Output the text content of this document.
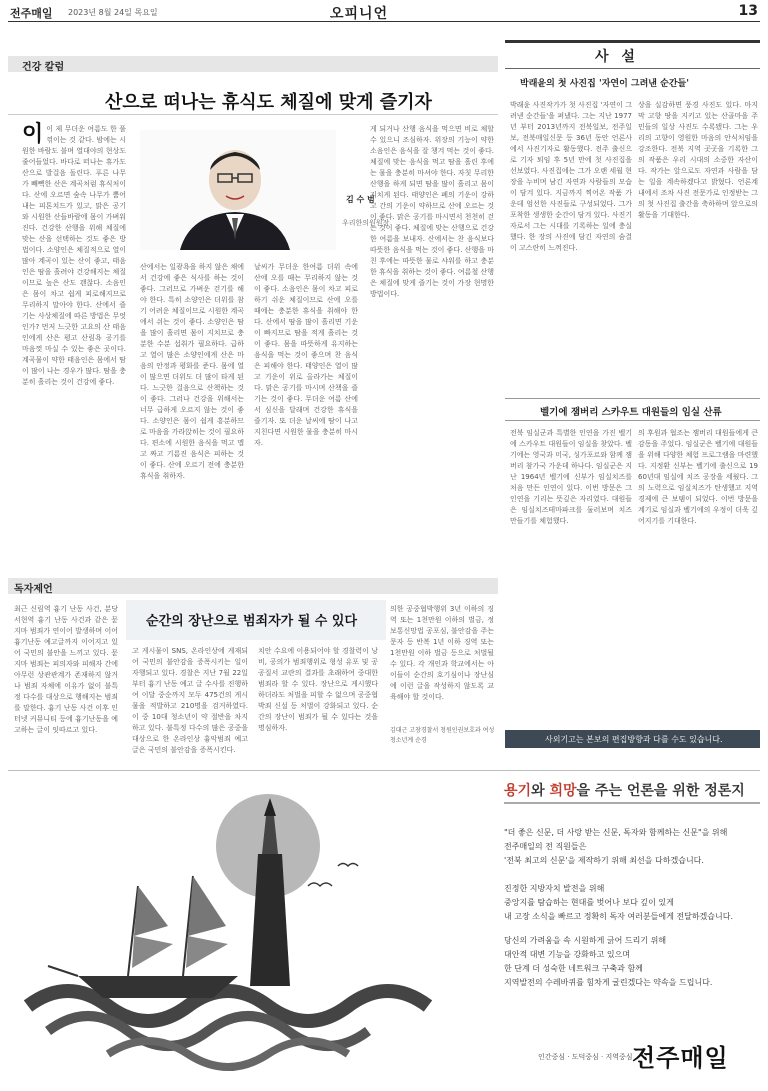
전주매일 2023년 8월 24일 목요일	오피니언	13
건강 칼럼
산으로 떠나는 휴식도 체질에 맞게 즐기자
이이 제 무더운 여름도 한 풀 꺾이는 것 같다. 밤에는 시원한 바람도 불며 열대야의 현상도 줄어들었다. 바다로 떠나는 휴가도 산으로 발걸음 돌린다. 푸른 나무가 빼빽한 산은 계곡처럼 휴식처이다. 산에 오르면 숲속 나무가 뿜어내는 피톤치드가 있고, 맑은 공기와 시원한 산들바람에 몸이 가벼워진다. 건강한 산행을 위해 체질에 맞는 산을 선택하는 것도 좋은 방법이다. 소양인은 체질적으로 열이 많아 계곡이 있는 산이 좋고, 태음인은 땀을 흘려야 건강해지는 체질이므로 높은 산도 괜찮다. 소음인은 몸이 차고 쉽게 피로해지므로 무리하지 말아야 한다. 산에서 즐기는 사상체질에 따른 방법은 무엇인가? 먼저 느긋한 고요의 산 태음인에게 산은 평고 산림욕 공기를 마음껏 마실 수 있는 좋은 곳이다. 계곡물이 약한 태음인은 몸에서 땀이 많이 나는 경우가 많다. 땀을 충분히 흘리는 것이 건강에 좋다.
김 수 범
우리한의원원장
산에서는 일광욕을 하지 않은 채에서 건강에 좋은 식사를 하는 것이 좋다. 그러므로 가벼운 걷기를 해야 한다. 특히 소양인은 더위를 참기 어려운 체질이므로 시원한 계곡에서 쉬는 것이 좋다. 소양인은 땀을 많이 흘리면 몸이 지치므로 충분한 수분 섭취가 필요하다. 급하고 열이 많은 소양인에게 산은 마음의 안정과 평화를 준다. 몸에 열이 많으면 더위도 더 많이 타게 된다. 느긋한 걸음으로 산책하는 것이 좋다. 그러나 건강을 위해서는 너무 급하게 오르지 않는 것이 좋다. 소양인은 몸이 쉽게 흥분하므로 마음을 가라앉히는 것이 필요하다. 편소에 시원한 음식을 먹고 맵고 짜고 기름진 음식은 피하는 것이 좋다. 산에 오르기 전에 충분한 휴식을 취하자.
날씨가 무더운 한여름 더위 속에 산에 오를 때는 무리하지 않는 것이 좋다. 소음인은 몸이 차고 피로하기 쉬운 체질이므로 산에 오를 때에는 충분한 휴식을 취해야 한다. 산에서 땀을 많이 흘리면 기운이 빠지므로 땀을 적게 흘리는 것이 좋다. 몸을 따뜻하게 유지하는 음식을 먹는 것이 좋으며 찬 음식은 피해야 한다. 태양인은 열이 많고 기운이 위로 올라가는 체질이다. 맑은 공기를 마시며 산책을 즐기는 것이 좋다. 무더운 여름 산에서 심신을 달래며 건강한 휴식을 즐기자. 또 더운 날씨에 땀이 나고 지친다면 시원한 물을 충분히 마시자.
게 되거나 산행 음식을 먹으면 비로 체할 수 있으니 조심하자. 위장의 기능이 약한 소음인은 음식을 잘 챙겨 먹는 것이 좋다. 체질에 맞는 음식을 먹고 땀을 흘린 후에는 물을 충분히 마셔야 한다. 자칫 무리한 산행을 하게 되면 땀을 많이 흘리고 몸이 지치게 된다. 태양인은 폐의 기운이 강하고 간의 기운이 약하므로 산에 오르는 것이 좋다. 맑은 공기를 마시면서 천천히 걷는 것이 좋다. 체질에 맞는 산행으로 건강한 여름을 보내자. 산에서는 찬 음식보다 따뜻한 음식을 먹는 것이 좋다. 산행을 마친 후에는 따뜻한 물로 샤워를 하고 충분한 휴식을 취하는 것이 좋다. 여름철 산행은 체질에 맞게 즐기는 것이 가장 현명한 방법이다.
독자제언
최근 신림역 흉기 난동 사건, 분당 서현역 흉기 난동 사건과 같은 묻지마 범죄가 연이어 발생하며 이어 흉기난동 예고글까지 이어지고 있어 국민의 불안을 느끼고 있다. 묻지마 범죄는 피의자와 피해자 간에 아무런 상관관계가 존재하지 않거나 범죄 자체에 이유가 없이 불특정 다수를 대상으로 행해지는 범죄를 말한다. 흉기 난동 사건 이후 인터넷 커뮤니티 등에 흉기난동을 예고하는 글이 잇따르고 있다.
순간의 장난으로 범죄자가 될 수 있다
고 게시물이 SNS, 온라인상에 게재되어 국민의 불안감을 증폭시키는 일이 자행되고 있다. 경찰은 지난 7월 22일부터 흉기 난동 예고 글 수사를 진행하여 이달 중순까지 모두 475건의 게시물을 적발하고 210명을 검거하였다. 이 중 10대 청소년이 약 절반을 차지하고 있다. 불특정 다수의 많은 공중을 대상으로 한 온라인상 흉악범죄 예고글은 국민의 불안감을 증폭시킨다.
치안 수요에 이용되어야 할 경찰력이 낭비, 공의가 범죄행위로 형성 유포 및 공공질서 교란의 결과를 초래하여 중대한 범죄라 할 수 있다. 장난으로 게시했다 하더라도 처벌을 피할 수 없으며 공중협박죄 신설 등 처벌이 강화되고 있다. 순간의 장난이 범죄가 될 수 있다는 것을 명심하자.
의한 공중협박행위 3년 이하의 징역 또는 1천만원 이하의 벌금, 정보통신망법 공포심, 불안감을 주는 문자 등 반복 1년 이하 징역 또는 1천만원 이하 벌금 등으로 처벌될 수 있다. 각 개인과 학교에서는 아이들이 순간의 호기심이나 장난심에 이런 글을 작성하지 않도록 교육해야 할 것이다.
김대근 고창경찰서 청원인권보호과 여성청소년계 순경
사 설
박래윤의 첫 사진집 '자연이 그려낸 순간들'
박래윤 사진작가가 첫 사진집 '자연이 그려낸 순간들'을 펴냈다. 그는 지난 1977년 부터 2013년까지 전북일보, 전주일보, 전북매일신문 등 36년 동안 언론사에서 사진기자로 활동했다. 전주 출신으로 기자 퇴임 후 5년 만에 첫 사진집을 선보였다. 사진집에는 그가 오랜 세월 현장을 누비며 남긴 자연과 사람들의 모습이 담겨 있다. 지금까지 찍어온 작품 가운데 엄선한 사진들로 구성되었다. 그가 포착한 생생한 순간이 담겨 있다. 사진기자로서 그는 시대를 기록하는 일에 충실했다. 한 장의 사진에 담긴 자연의 숨결이 고스란히 느껴진다.
상을 실감하면 풍경 사진도 있다. 마지막 고향 땅을 지키고 있는 산골마을 주민들의 일상 사진도 수록됐다. 그는 우리의 고향이 영원한 마음의 안식처임을 강조한다. 전북 지역 곳곳을 기록한 그의 작품은 우리 시대의 소중한 자산이다. 작가는 앞으로도 자연과 사람을 담는 일을 계속하겠다고 밝혔다. 언론계 내에서 조차 사진 전문가로 인정받는 그의 첫 사진집 출간을 축하하며 앞으로의 활동을 기대한다.
벨기에 잼버리 스카우트 대원들의 임실 산류
전북 임실군과 특별한 인연을 가진 벨기에 스카우트 대원들이 임실을 찾았다. 벨기에는 영국과 미국, 싱가포르와 함께 잼버리 참가국 가운데 하나다. 임실군은 지난 1964년 벨기에 신부가 임실치즈를 처음 만든 인연이 있다. 이번 방문은 그 인연을 기리는 뜻깊은 자리였다. 대원들은 임실치즈테마파크를 둘러보며 치즈 만들기를 체험했다.
의 후원과 협조는 잼버리 대원들에게 큰 감동을 주었다. 임실군은 벨기에 대원들을 위해 다양한 체험 프로그램을 마련했다. 지정환 신부는 벨기에 출신으로 1960년대 임실에 치즈 공장을 세웠다. 그의 노력으로 임실치즈가 탄생했고 지역 경제에 큰 보탬이 되었다. 이번 방문을 계기로 임실과 벨기에의 우정이 더욱 깊어지기를 기대한다.
사외기고는 본보의 편집방향과 다를 수도 있습니다.
용기와 희망을 주는 언론을 위한 정론지
"더 좋은 신문, 더 사랑 받는 신문, 독자와 함께하는 신문"을 위해
전주매일의 전 직원들은
'전북 최고의 신문'을 제작하기 위해 최선을 다하겠습니다.
진정한 지방자치 발전을 위해
중앙지를 탐습하는 현대를 벗어나 보다 깊이 있게
내 고장 소식을 빠르고 정확히 독자 여러분들에게 전달하겠습니다.
당신의 가려움을 속 시원하게 긁어 드리기 위해
대안적 대변 기능을 강화하고 있으며
한 단계 더 성숙한 네트워크 구축과 함께
지역발전의 수레바퀴를 힘차게 굴린겠다는 약속을 드립니다.
인간중심 · 도덕중심 · 지역중심 전주매일
